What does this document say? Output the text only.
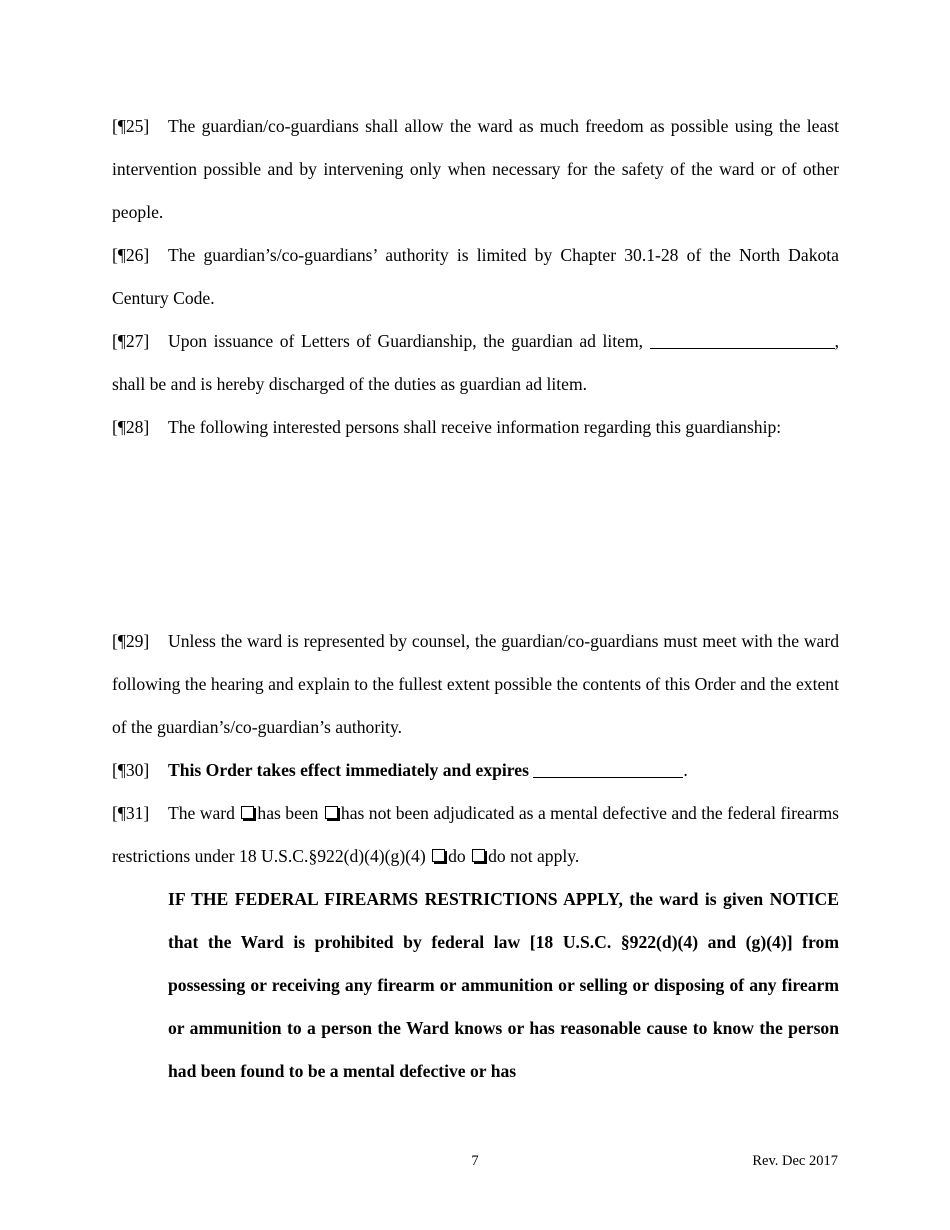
[¶25] The guardian/co-guardians shall allow the ward as much freedom as possible using the least intervention possible and by intervening only when necessary for the safety of the ward or of other people.

[¶26] The guardian’s/co-guardians’ authority is limited by Chapter 30.1-28 of the North Dakota Century Code.

[¶27] Upon issuance of Letters of Guardianship, the guardian ad litem,	, shall be and is hereby discharged of the duties as guardian ad litem.

[¶28] The following interested persons shall receive information regarding this guardianship:

[¶29] Unless the ward is represented by counsel, the guardian/co-guardians must meet with the ward following the hearing and explain to the fullest extent possible the contents of this Order and the extent of the guardian’s/co-guardian’s authority.

[¶30] This Order takes effect immediately and expires	.

[¶31] The ward has been has not been adjudicated as a mental defective and the federal firearms restrictions under 18 U.S.C.§922(d)(4)(g)(4) do do not apply.

IF THE FEDERAL FIREARMS RESTRICTIONS APPLY, the ward is given NOTICE that the Ward is prohibited by federal law [18 U.S.C. §922(d)(4) and (g)(4)] from possessing or receiving any firearm or ammunition or selling or disposing of any firearm or ammunition to a person the Ward knows or has reasonable cause to know the person had been found to be a mental defective or has

7	Rev. Dec 2017
